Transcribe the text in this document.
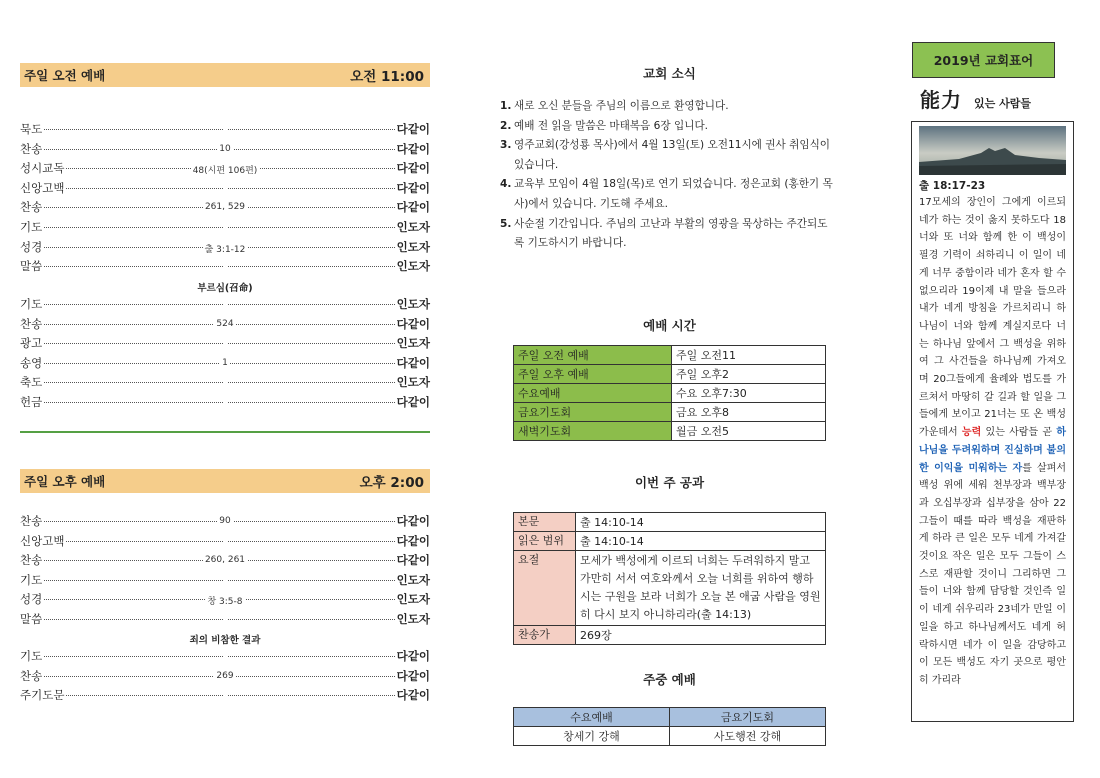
주일 오전 예배	오전 11:00
묵도	다같이
찬송	10	다같이
성시교독	48(시편 106편)	다같이
신앙고백	다같이
찬송	261, 529	다같이
기도	인도자
성경	출 3:1-12	인도자
말씀	인도자
부르심(召命)
기도	인도자
찬송	524	다같이
광고	인도자
송영	1	다같이
축도	인도자
헌금	다같이
주일 오후 예배	오후 2:00
찬송	90	다같이
신앙고백	다같이
찬송	260, 261	다같이
기도	인도자
성경	창 3:5-8	인도자
말씀	인도자
죄의 비참한 결과
기도	다같이
찬송	269	다같이
주기도문	다같이
교회 소식
1. 새로 오신 분들을 주님의 이름으로 환영합니다.
2. 예배 전 읽을 말씀은 마태복음 6장 입니다.
3. 영주교회(강성룡 목사)에서 4월 13일(토) 오전11시에 권사 취임식이 있습니다.
4. 교육부 모임이 4월 18일(목)로 연기 되었습니다. 정은교회 (홍한기 목사)에서 있습니다. 기도해 주세요.
5. 사순절 기간입니다. 주님의 고난과 부활의 영광을 묵상하는 주간되도록 기도하시기 바랍니다.
예배 시간
주일 오전 예배	주일 오전11
주일 오후 예배	주일 오후2
수요예배	수요 오후7:30
금요기도회	금요 오후8
새벽기도회	월금 오전5
이번 주 공과
본문	출 14:10-14
읽은 범위	출 14:10-14
요절	모세가 백성에게 이르되 너희는 두려워하지 말고 가만히 서서 여호와께서 오늘 너희를 위하여 행하시는 구원을 보라 너희가 오늘 본 애굽 사람을 영원히 다시 보지 아니하리라(출 14:13)
찬송가	269장
주중 예배
수요예배	금요기도회
창세기 강해	사도행전 강해
2019년 교회표어
能力 있는 사람들
출 18:17-23
17모세의 장인이 그에게 이르되 네가 하는 것이 옳지 못하도다 18너와 또 너와 함께 한 이 백성이 필경 기력이 쇠하리니 이 일이 네게 너무 중함이라 네가 혼자 할 수 없으리라 19이제 내 말을 들으라 내가 네게 방침을 가르치리니 하나님이 너와 함께 계실지로다 너는 하나님 앞에서 그 백성을 위하여 그 사건들을 하나님께 가져오며 20그들에게 율례와 법도를 가르쳐서 마땅히 갈 길과 할 일을 그들에게 보이고 21너는 또 온 백성 가운데서 능력 있는 사람들 곧 하나님을 두려워하며 진실하며 불의한 이익을 미워하는 자를 살펴서 백성 위에 세워 천부장과 백부장과 오십부장과 십부장을 삼아 22그들이 때를 따라 백성을 재판하게 하라 큰 일은 모두 네게 가져갈 것이요 작은 일은 모두 그들이 스스로 재판할 것이니 그리하면 그들이 너와 함께 담당할 것인즉 일이 네게 쉬우리라 23네가 만일 이 일을 하고 하나님께서도 네게 허락하시면 네가 이 일을 감당하고 이 모든 백성도 자기 곳으로 평안히 가리라
